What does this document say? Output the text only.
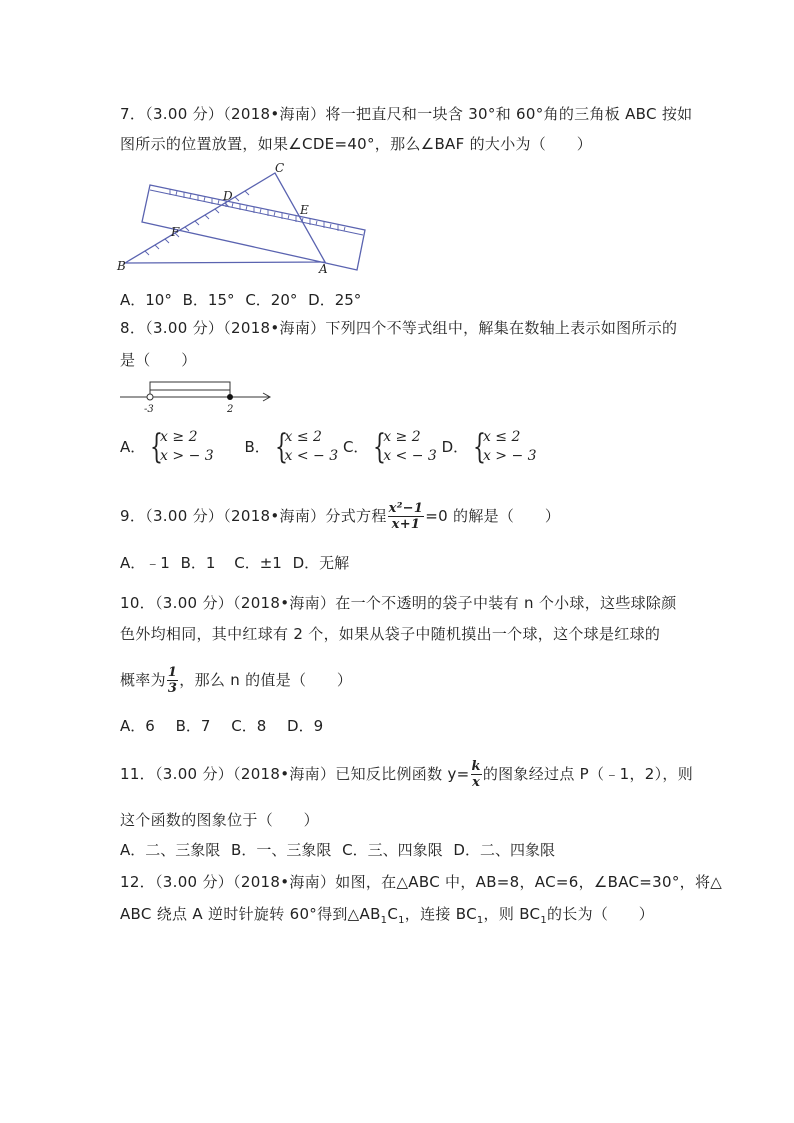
7．（3.00 分）（2018•海南）将一把直尺和一块含 30°和 60°角的三角板 ABC 按如
图所示的位置放置，如果∠CDE=40°，那么∠BAF 的大小为（　　）
C
D
E
F
B	A
A．10° B．15° C．20° D．25°
8．（3.00 分）（2018•海南）下列四个不等式组中，解集在数轴上表示如图所示的
是（　　）
-3	2
A． {
x ≥ 2
x > − 3 B． {
x ≤ 2
x < − 3 C． {
x ≥ 2
x < − 3 D． {
x ≤ 2
x > − 3
9．（3.00 分）（2018•海南）分式方程 $\frac{\text{x²−1}}{x+1} =0$ 的解是（　　）
A．﹣1 B．1 C．±1 D．无解
10．（3.00 分）（2018•海南）在一个不透明的袋子中装有 n 个小球，这些球除颜
色外均相同，其中红球有 2 个，如果从袋子中随机摸出一个球，这个球是红球的
概率为 $\frac{1}{3}$ ，那么 n 的值是（　　）
A．6 B．7 C．8 D．9
11．（3.00 分）（2018•海南）已知反比例函数 $y= \frac{k}{x}$ 的图象经过点 P（﹣1，2），则
这个函数的图象位于（　　）
A．二、三象限 B．一、三象限 C．三、四象限 D．二、四象限
12．（3.00 分）（2018•海南）如图，在△ABC 中，AB=8，AC=6，∠BAC=30°，将△
ABC 绕点 A 逆时针旋转 60°得到$\triangle AB_1C_1$，连接 $BC_1$，则 $BC_1$的长为（　　）
